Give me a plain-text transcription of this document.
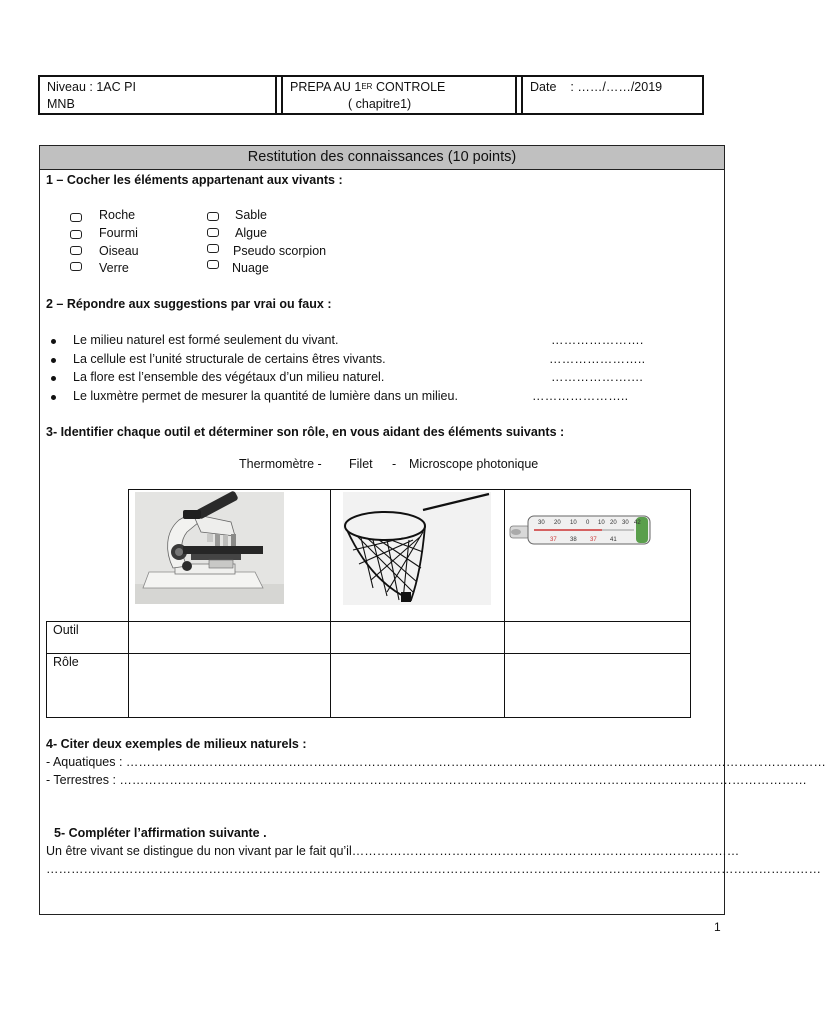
Niveau : 1AC PI
MNB
PREPA AU 1ER CONTROLE
( chapitre1)
Date : ……/……/2019
Restitution des connaissances (10 points)
1 – Cocher les éléments appartenant aux vivants :
Roche
Fourmi
Oiseau
Verre
Sable
Algue
Pseudo scorpion
Nuage
2 – Répondre aux suggestions par vrai ou faux :
Le milieu naturel est formé seulement du vivant.	………………….
La cellule est l’unité structurale de certains êtres vivants.	…………………..
La flore est l’ensemble des végétaux d’un milieu naturel.	……………….…
Le luxmètre permet de mesurer la quantité de lumière dans un milieu.	…………………..
3- Identifier chaque outil et déterminer son rôle, en vous aidant des éléments suivants :
Thermomètre - Filet - Microscope photonique
Outil
Rôle
30 20 10 0 10 20 30 42
37 38 37 41
4- Citer deux exemples de milieux naturels :
- Aquatiques : ……………………………………………………………………………………………………………………………………………………
- Terrestres : …………………………………………………………………………………………………………………………………………………
5- Compléter l’affirmation suivante .
Un être vivant se distingue du non vivant par le fait qu’il…………………………………………………………………………………
……………………………………………………………………………………………………………………………………………………………………
1
